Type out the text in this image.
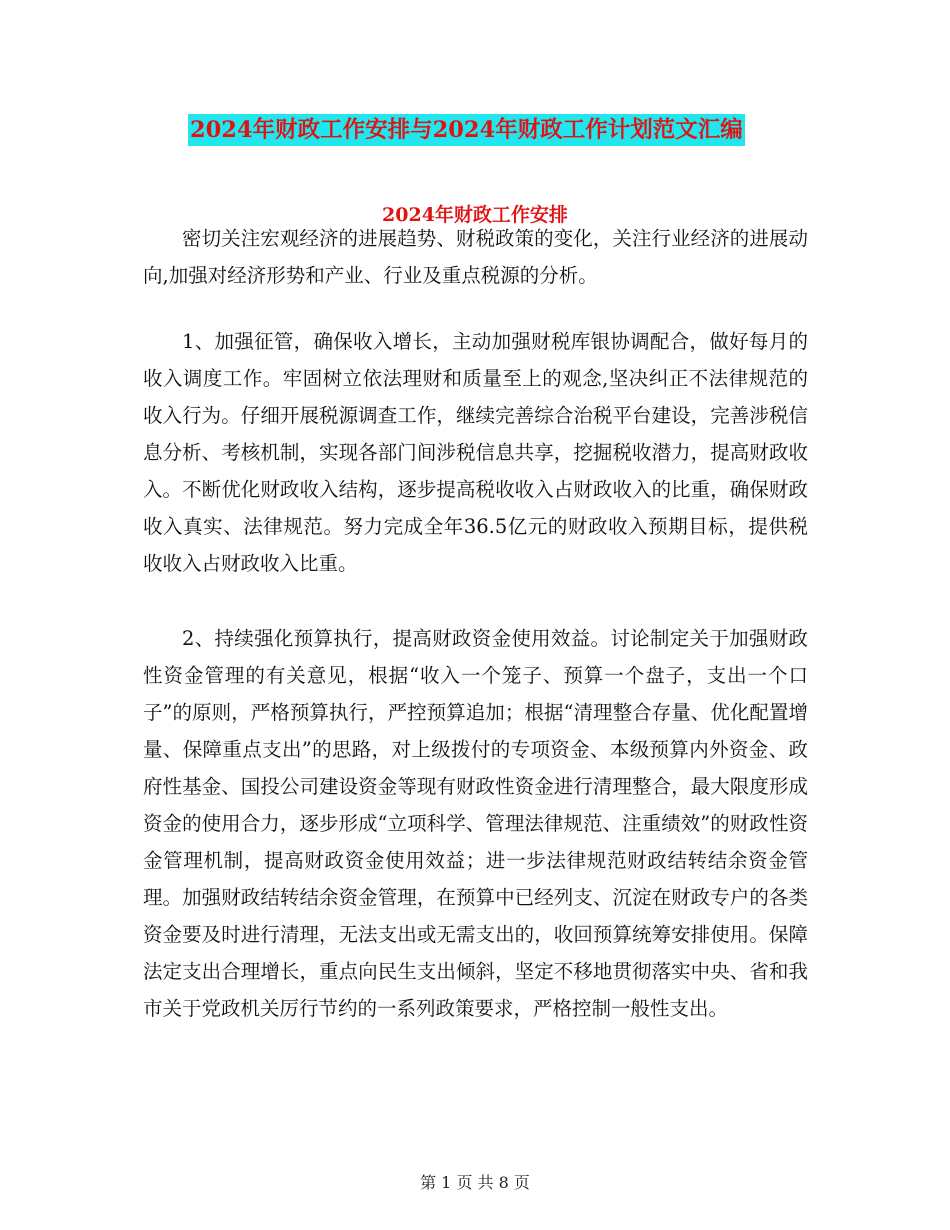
2024年财政工作安排与2024年财政工作计划范文汇编
2024年财政工作安排

密切关注宏观经济的进展趋势、财税政策的变化，关注行业经济的进展动向,加强对经济形势和产业、行业及重点税源的分析。

1、加强征管，确保收入增长，主动加强财税库银协调配合，做好每月的收入调度工作。牢固树立依法理财和质量至上的观念,坚决纠正不法律规范的收入行为。仔细开展税源调查工作，继续完善综合治税平台建设，完善涉税信息分析、考核机制，实现各部门间涉税信息共享，挖掘税收潜力，提高财政收入。不断优化财政收入结构，逐步提高税收收入占财政收入的比重，确保财政收入真实、法律规范。努力完成全年36.5亿元的财政收入预期目标，提供税收收入占财政收入比重。

2、持续强化预算执行，提高财政资金使用效益。讨论制定关于加强财政性资金管理的有关意见，根据“收入一个笼子、预算一个盘子，支出一个口子”的原则，严格预算执行，严控预算追加；根据“清理整合存量、优化配置增量、保障重点支出”的思路，对上级拨付的专项资金、本级预算内外资金、政府性基金、国投公司建设资金等现有财政性资金进行清理整合，最大限度形成资金的使用合力，逐步形成“立项科学、管理法律规范、注重绩效”的财政性资金管理机制，提高财政资金使用效益；进一步法律规范财政结转结余资金管理。加强财政结转结余资金管理，在预算中已经列支、沉淀在财政专户的各类资金要及时进行清理，无法支出或无需支出的，收回预算统筹安排使用。保障法定支出合理增长，重点向民生支出倾斜，坚定不移地贯彻落实中央、省和我市关于党政机关厉行节约的一系列政策要求，严格控制一般性支出。

第 1 页 共 8 页
